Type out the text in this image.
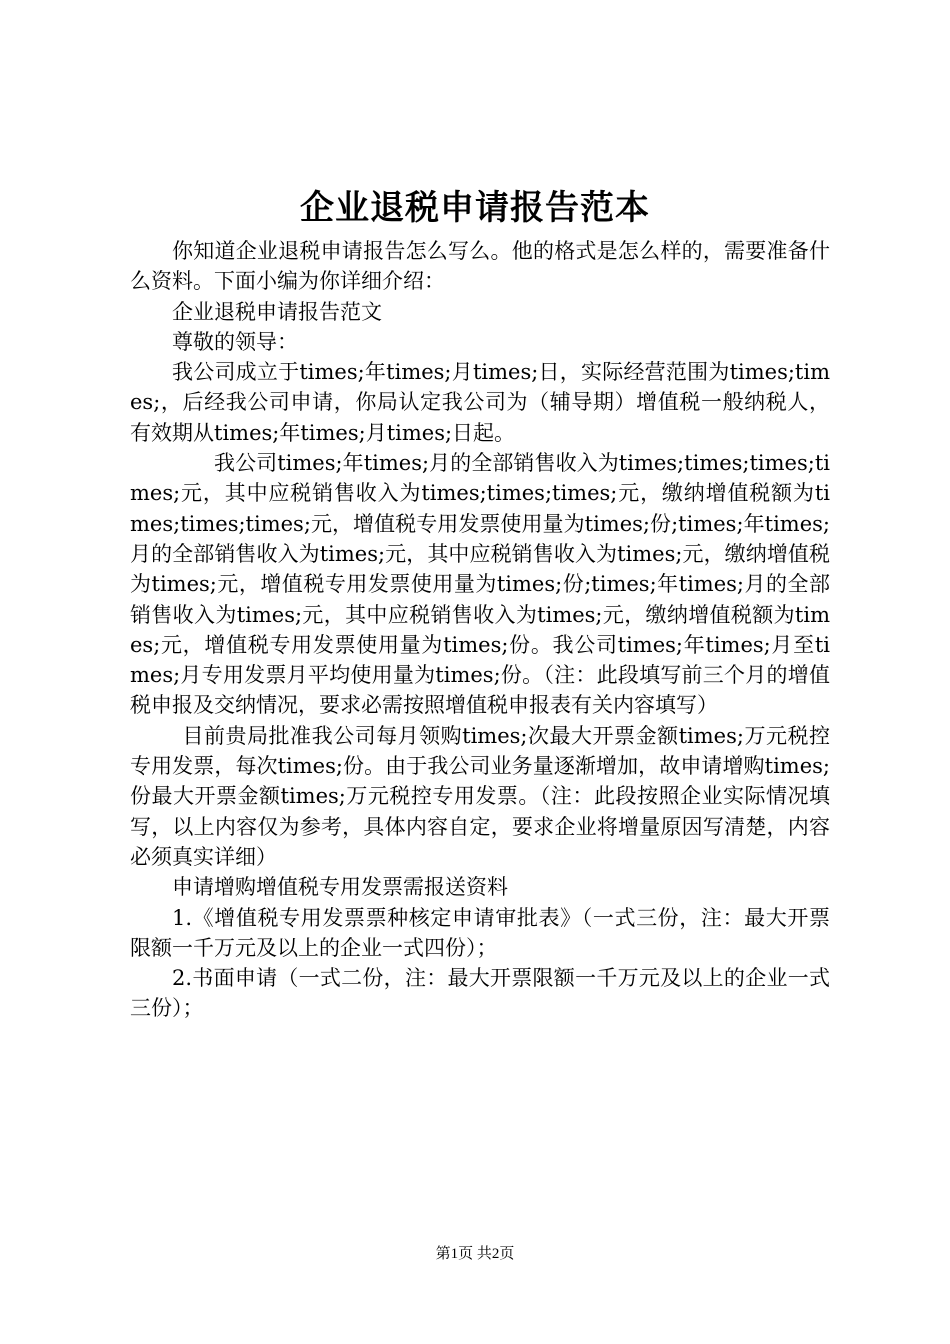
企业退税申请报告范本

你知道企业退税申请报告怎么写么。他的格式是怎么样的，需要准备什么资料。下面小编为你详细介绍：

企业退税申请报告范文

尊敬的领导：

我公司成立于times;年times;月times;日，实际经营范围为times;times;，后经我公司申请，你局认定我公司为（辅导期）增值税一般纳税人，有效期从times;年times;月times;日起。

我公司times;年times;月的全部销售收入为times;times;times;times;元，其中应税销售收入为times;times;times;元，缴纳增值税额为times;times;times;元，增值税专用发票使用量为times;份;times;年times;月的全部销售收入为times;元，其中应税销售收入为times;元，缴纳增值税为times;元，增值税专用发票使用量为times;份;times;年times;月的全部销售收入为times;元，其中应税销售收入为times;元，缴纳增值税额为times;元，增值税专用发票使用量为times;份。我公司times;年times;月至times;月专用发票月平均使用量为times;份。（注：此段填写前三个月的增值税申报及交纳情况，要求必需按照增值税申报表有关内容填写）

目前贵局批准我公司每月领购times;次最大开票金额times;万元税控专用发票，每次times;份。由于我公司业务量逐渐增加，故申请增购times;份最大开票金额times;万元税控专用发票。（注：此段按照企业实际情况填写，以上内容仅为参考，具体内容自定，要求企业将增量原因写清楚，内容必须真实详细）

申请增购增值税专用发票需报送资料

1.《增值税专用发票票种核定申请审批表》（一式三份，注：最大开票限额一千万元及以上的企业一式四份）；

2.书面申请（一式二份，注：最大开票限额一千万元及以上的企业一式三份）；

第1页 共2页
